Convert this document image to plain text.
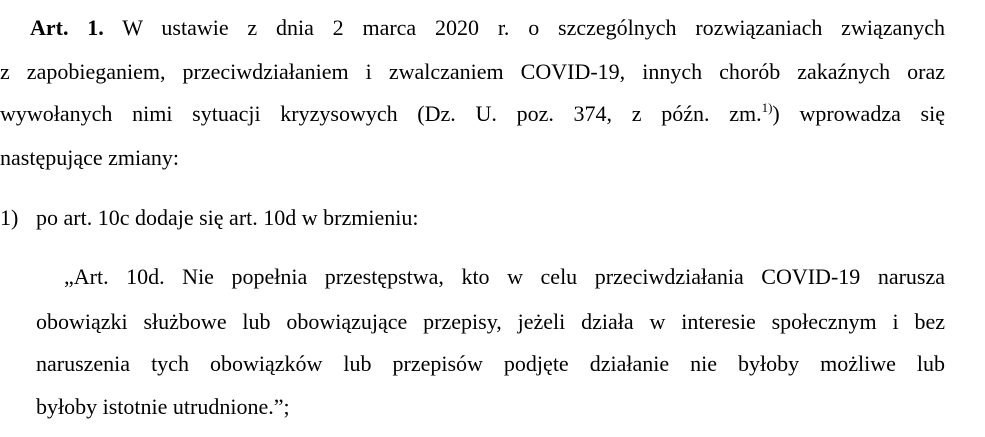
Art. 1. W ustawie z dnia 2 marca 2020 r. o szczególnych rozwiązaniach związanych
z zapobieganiem, przeciwdziałaniem i zwalczaniem COVID-19, innych chorób zakaźnych oraz
wywołanych nimi sytuacji kryzysowych (Dz. U. poz. 374, z późn. zm.$^{1)}$) wprowadza się
następujące zmiany:
1) po art. 10c dodaje się art. 10d w brzmieniu:
„Art. 10d. Nie popełnia przestępstwa, kto w celu przeciwdziałania COVID-19 narusza
obowiązki służbowe lub obowiązujące przepisy, jeżeli działa w interesie społecznym i bez
naruszenia tych obowiązków lub przepisów podjęte działanie nie byłoby możliwe lub
byłoby istotnie utrudnione.”;
